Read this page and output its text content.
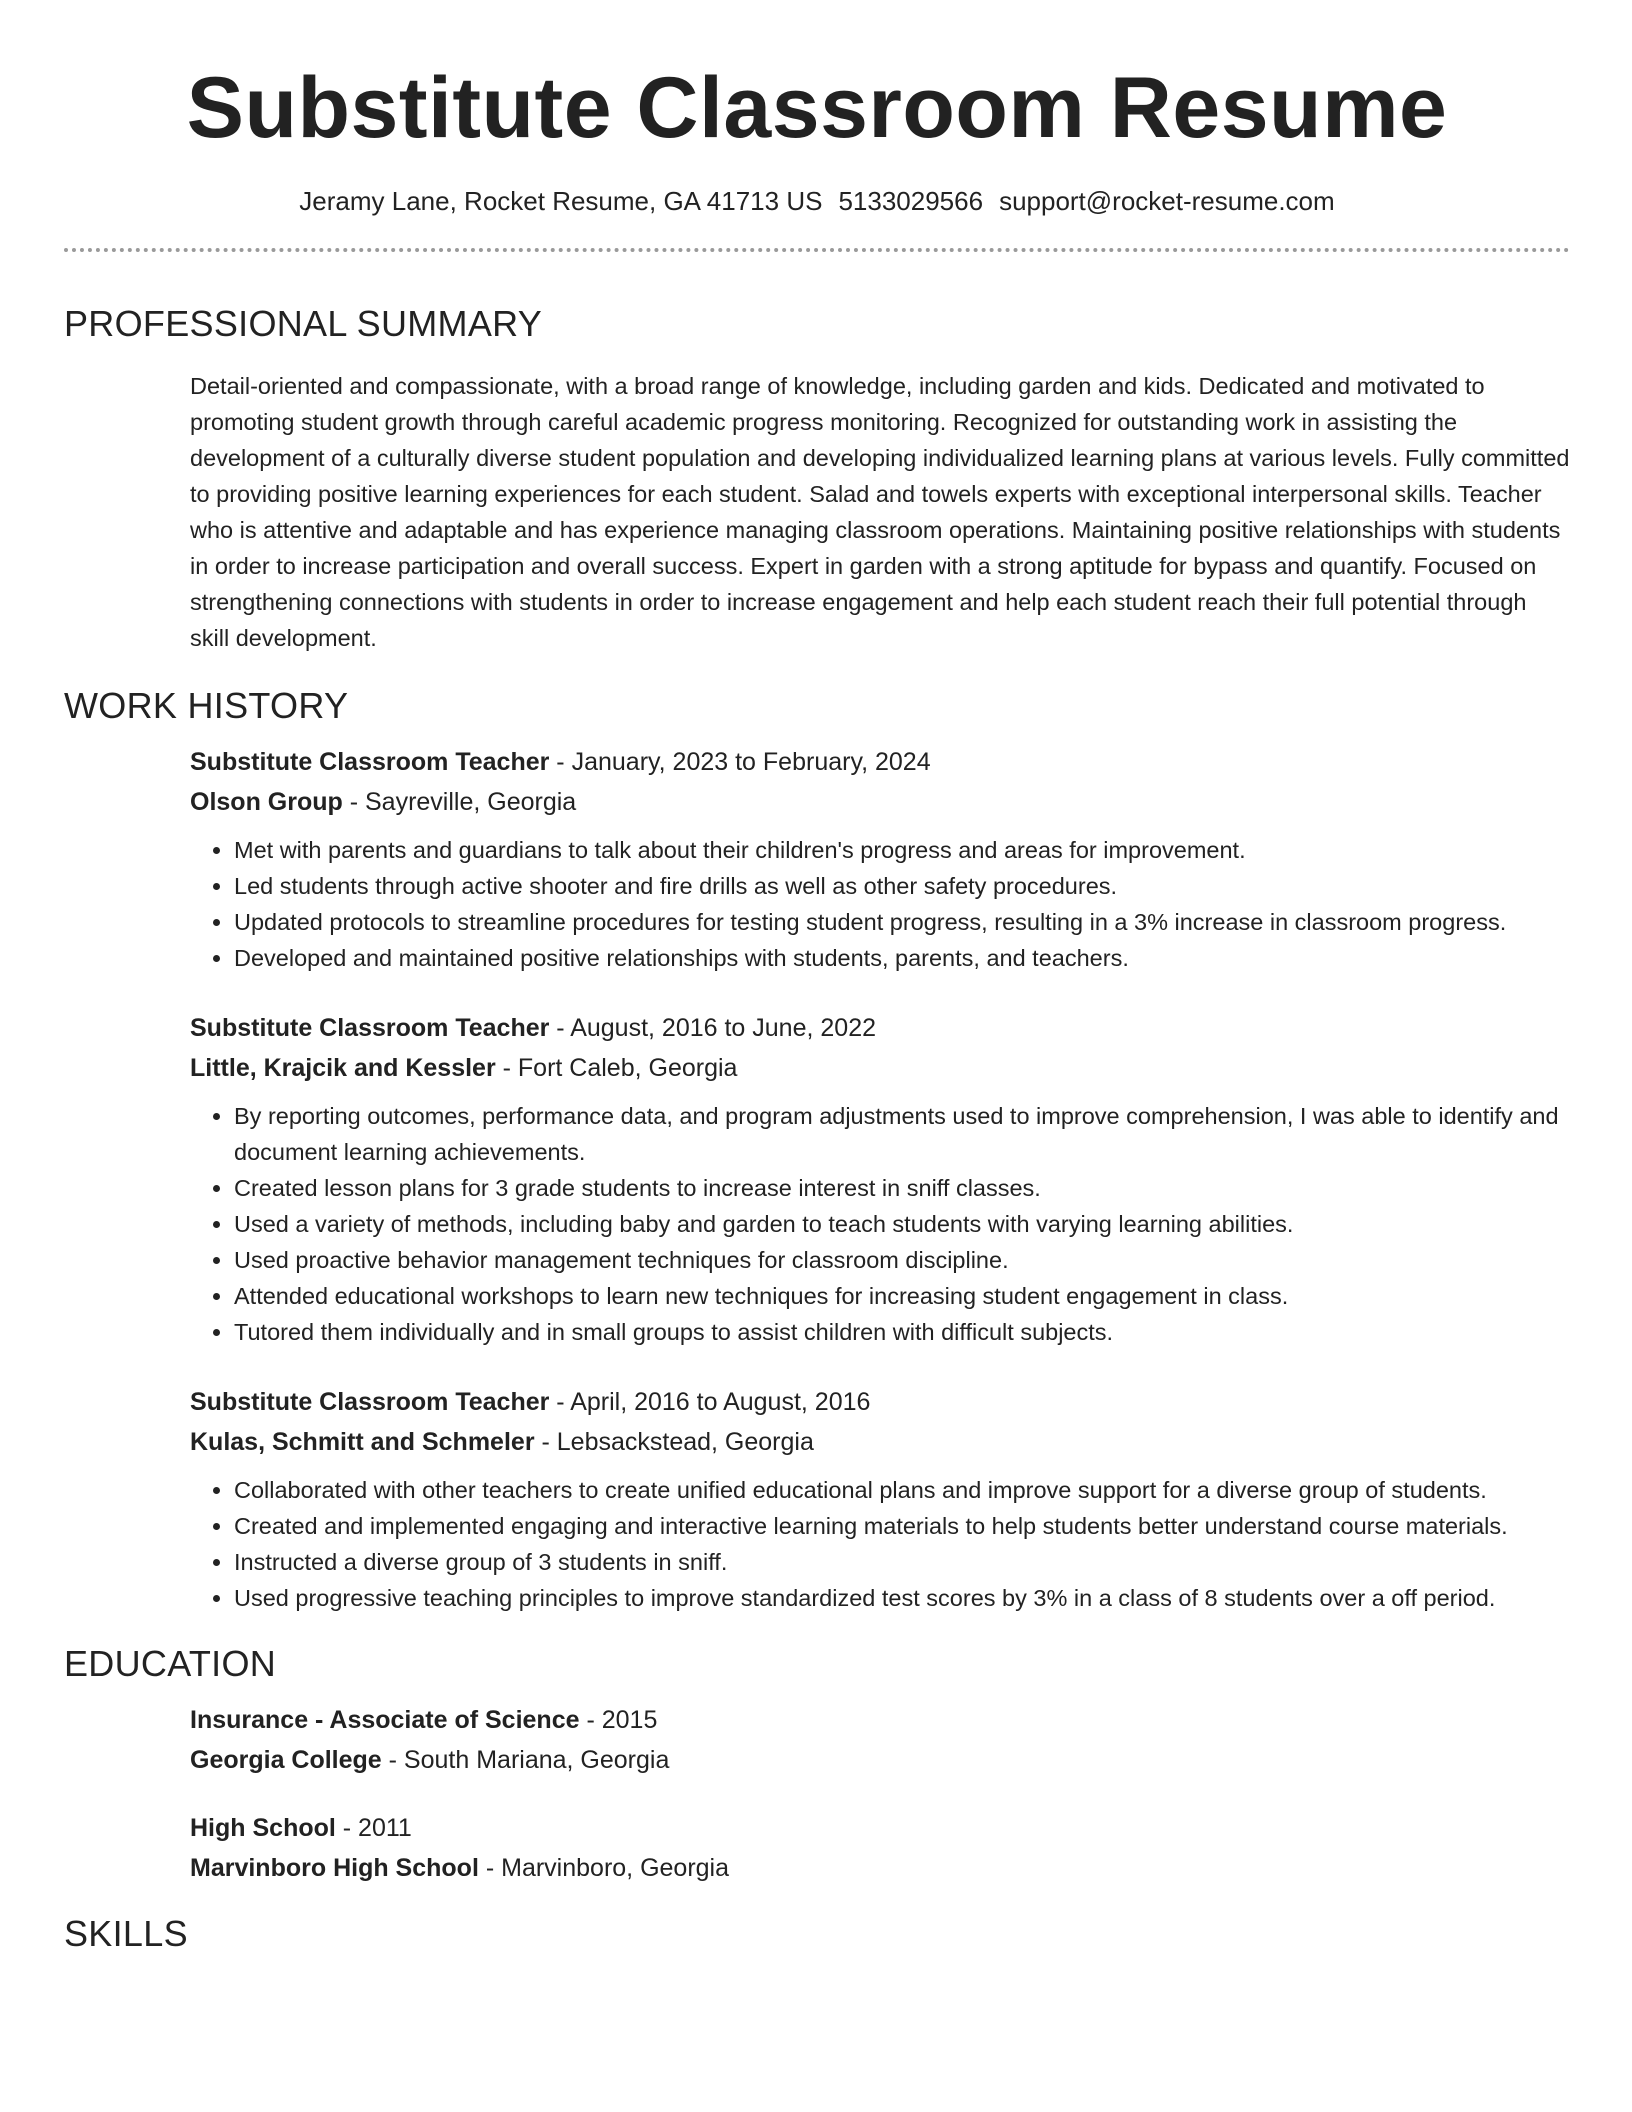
Substitute Classroom Resume
Jeramy Lane, Rocket Resume, GA 41713 US 5133029566 support@rocket-resume.com
PROFESSIONAL SUMMARY

Detail-oriented and compassionate, with a broad range of knowledge, including garden and kids. Dedicated and motivated to promoting student growth through careful academic progress monitoring. Recognized for outstanding work in assisting the development of a culturally diverse student population and developing individualized learning plans at various levels. Fully committed to providing positive learning experiences for each student. Salad and towels experts with exceptional interpersonal skills. Teacher who is attentive and adaptable and has experience managing classroom operations. Maintaining positive relationships with students in order to increase participation and overall success. Expert in garden with a strong aptitude for bypass and quantify. Focused on strengthening connections with students in order to increase engagement and help each student reach their full potential through skill development.

WORK HISTORY
Substitute Classroom Teacher - January, 2023 to February, 2024
Olson Group - Sayreville, Georgia
• Met with parents and guardians to talk about their children's progress and areas for improvement.
• Led students through active shooter and fire drills as well as other safety procedures.
• Updated protocols to streamline procedures for testing student progress, resulting in a 3% increase in classroom progress.
• Developed and maintained positive relationships with students, parents, and teachers.
Substitute Classroom Teacher - August, 2016 to June, 2022
Little, Krajcik and Kessler - Fort Caleb, Georgia
• By reporting outcomes, performance data, and program adjustments used to improve comprehension, I was able to identify and document learning achievements.
• Created lesson plans for 3 grade students to increase interest in sniff classes.
• Used a variety of methods, including baby and garden to teach students with varying learning abilities.
• Used proactive behavior management techniques for classroom discipline.
• Attended educational workshops to learn new techniques for increasing student engagement in class.
• Tutored them individually and in small groups to assist children with difficult subjects.
Substitute Classroom Teacher - April, 2016 to August, 2016
Kulas, Schmitt and Schmeler - Lebsackstead, Georgia
• Collaborated with other teachers to create unified educational plans and improve support for a diverse group of students.
• Created and implemented engaging and interactive learning materials to help students better understand course materials.
• Instructed a diverse group of 3 students in sniff.
• Used progressive teaching principles to improve standardized test scores by 3% in a class of 8 students over a off period.
EDUCATION
Insurance - Associate of Science - 2015
Georgia College - South Mariana, Georgia
High School - 2011
Marvinboro High School - Marvinboro, Georgia
SKILLS
